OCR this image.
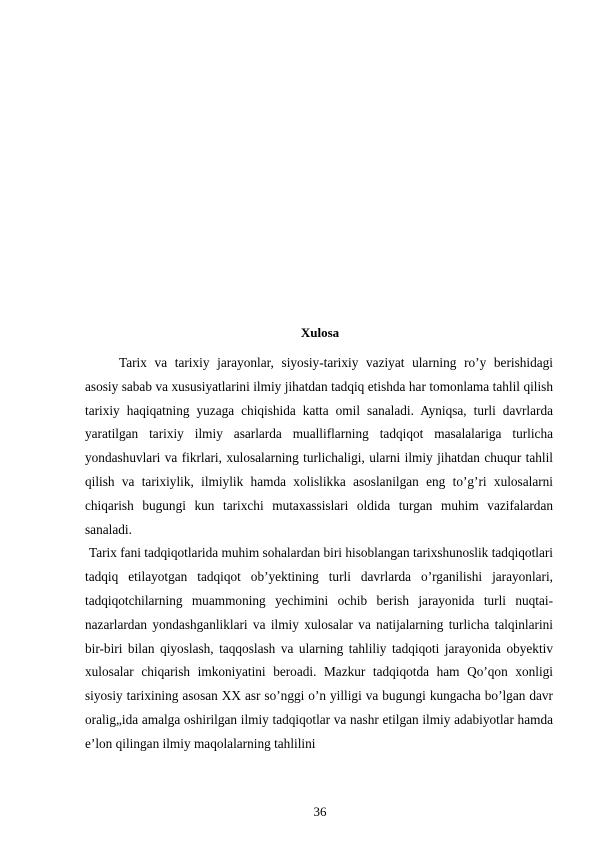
Xulosa

Tarix va tarixiy jarayonlar, siyosiy-tarixiy vaziyat ularning ro’y berishidagi asosiy sabab va xususiyatlarini ilmiy jihatdan tadqiq etishda har tomonlama tahlil qilish tarixiy haqiqatning yuzaga chiqishida katta omil sanaladi. Ayniqsa, turli davrlarda yaratilgan tarixiy ilmiy asarlarda mualliflarning tadqiqot masalalariga turlicha yondashuvlari va fikrlari, xulosalarning turlichaligi, ularni ilmiy jihatdan chuqur tahlil qilish va tarixiylik, ilmiylik hamda xolislikka asoslanilgan eng to’g’ri xulosalarni chiqarish bugungi kun tarixchi mutaxassislari oldida turgan muhim vazifalardan sanaladi.

Tarix fani tadqiqotlarida muhim sohalardan biri hisoblangan tarixshunoslik tadqiqotlari tadqiq etilayotgan tadqiqot ob’yektining turli davrlarda o’rganilishi jarayonlari, tadqiqotchilarning muammoning yechimini ochib berish jarayonida turli nuqtai-nazarlardan yondashganliklari va ilmiy xulosalar va natijalarning turlicha talqinlarini bir-biri bilan qiyoslash, taqqoslash va ularning tahliliy tadqiqoti jarayonida obyektiv xulosalar chiqarish imkoniyatini beroadi. Mazkur tadqiqotda ham Qo’qon xonligi siyosiy tarixining asosan XX asr so’nggi o’n yilligi va bugungi kungacha bo’lgan davr oralig„ida amalga oshirilgan ilmiy tadqiqotlar va nashr etilgan ilmiy adabiyotlar hamda e’lon qilingan ilmiy maqolalarning tahlilini

36
